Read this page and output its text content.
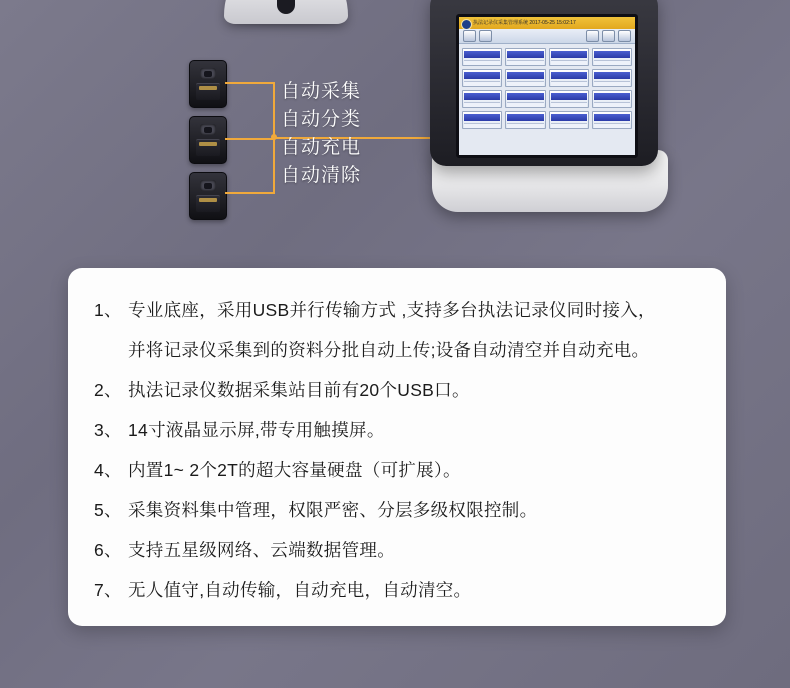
自动采集
自动分类
自动充电
自动清除
执法记录仪采集管理系统 2017-05-25 15:02:17
1、 专业底座，采用USB并行传输方式 ,支持多台执法记录仪同时接入，
并将记录仪采集到的资料分批自动上传;设备自动清空并自动充电。
2、 执法记录仪数据采集站目前有20个USB口。
3、 14寸液晶显示屏,带专用触摸屏。
4、 内置1~ 2个2T的超大容量硬盘（可扩展）。
5、 采集资料集中管理，权限严密、分层多级权限控制。
6、 支持五星级网络、云端数据管理。
7、 无人值守,自动传输，自动充电，自动清空。
